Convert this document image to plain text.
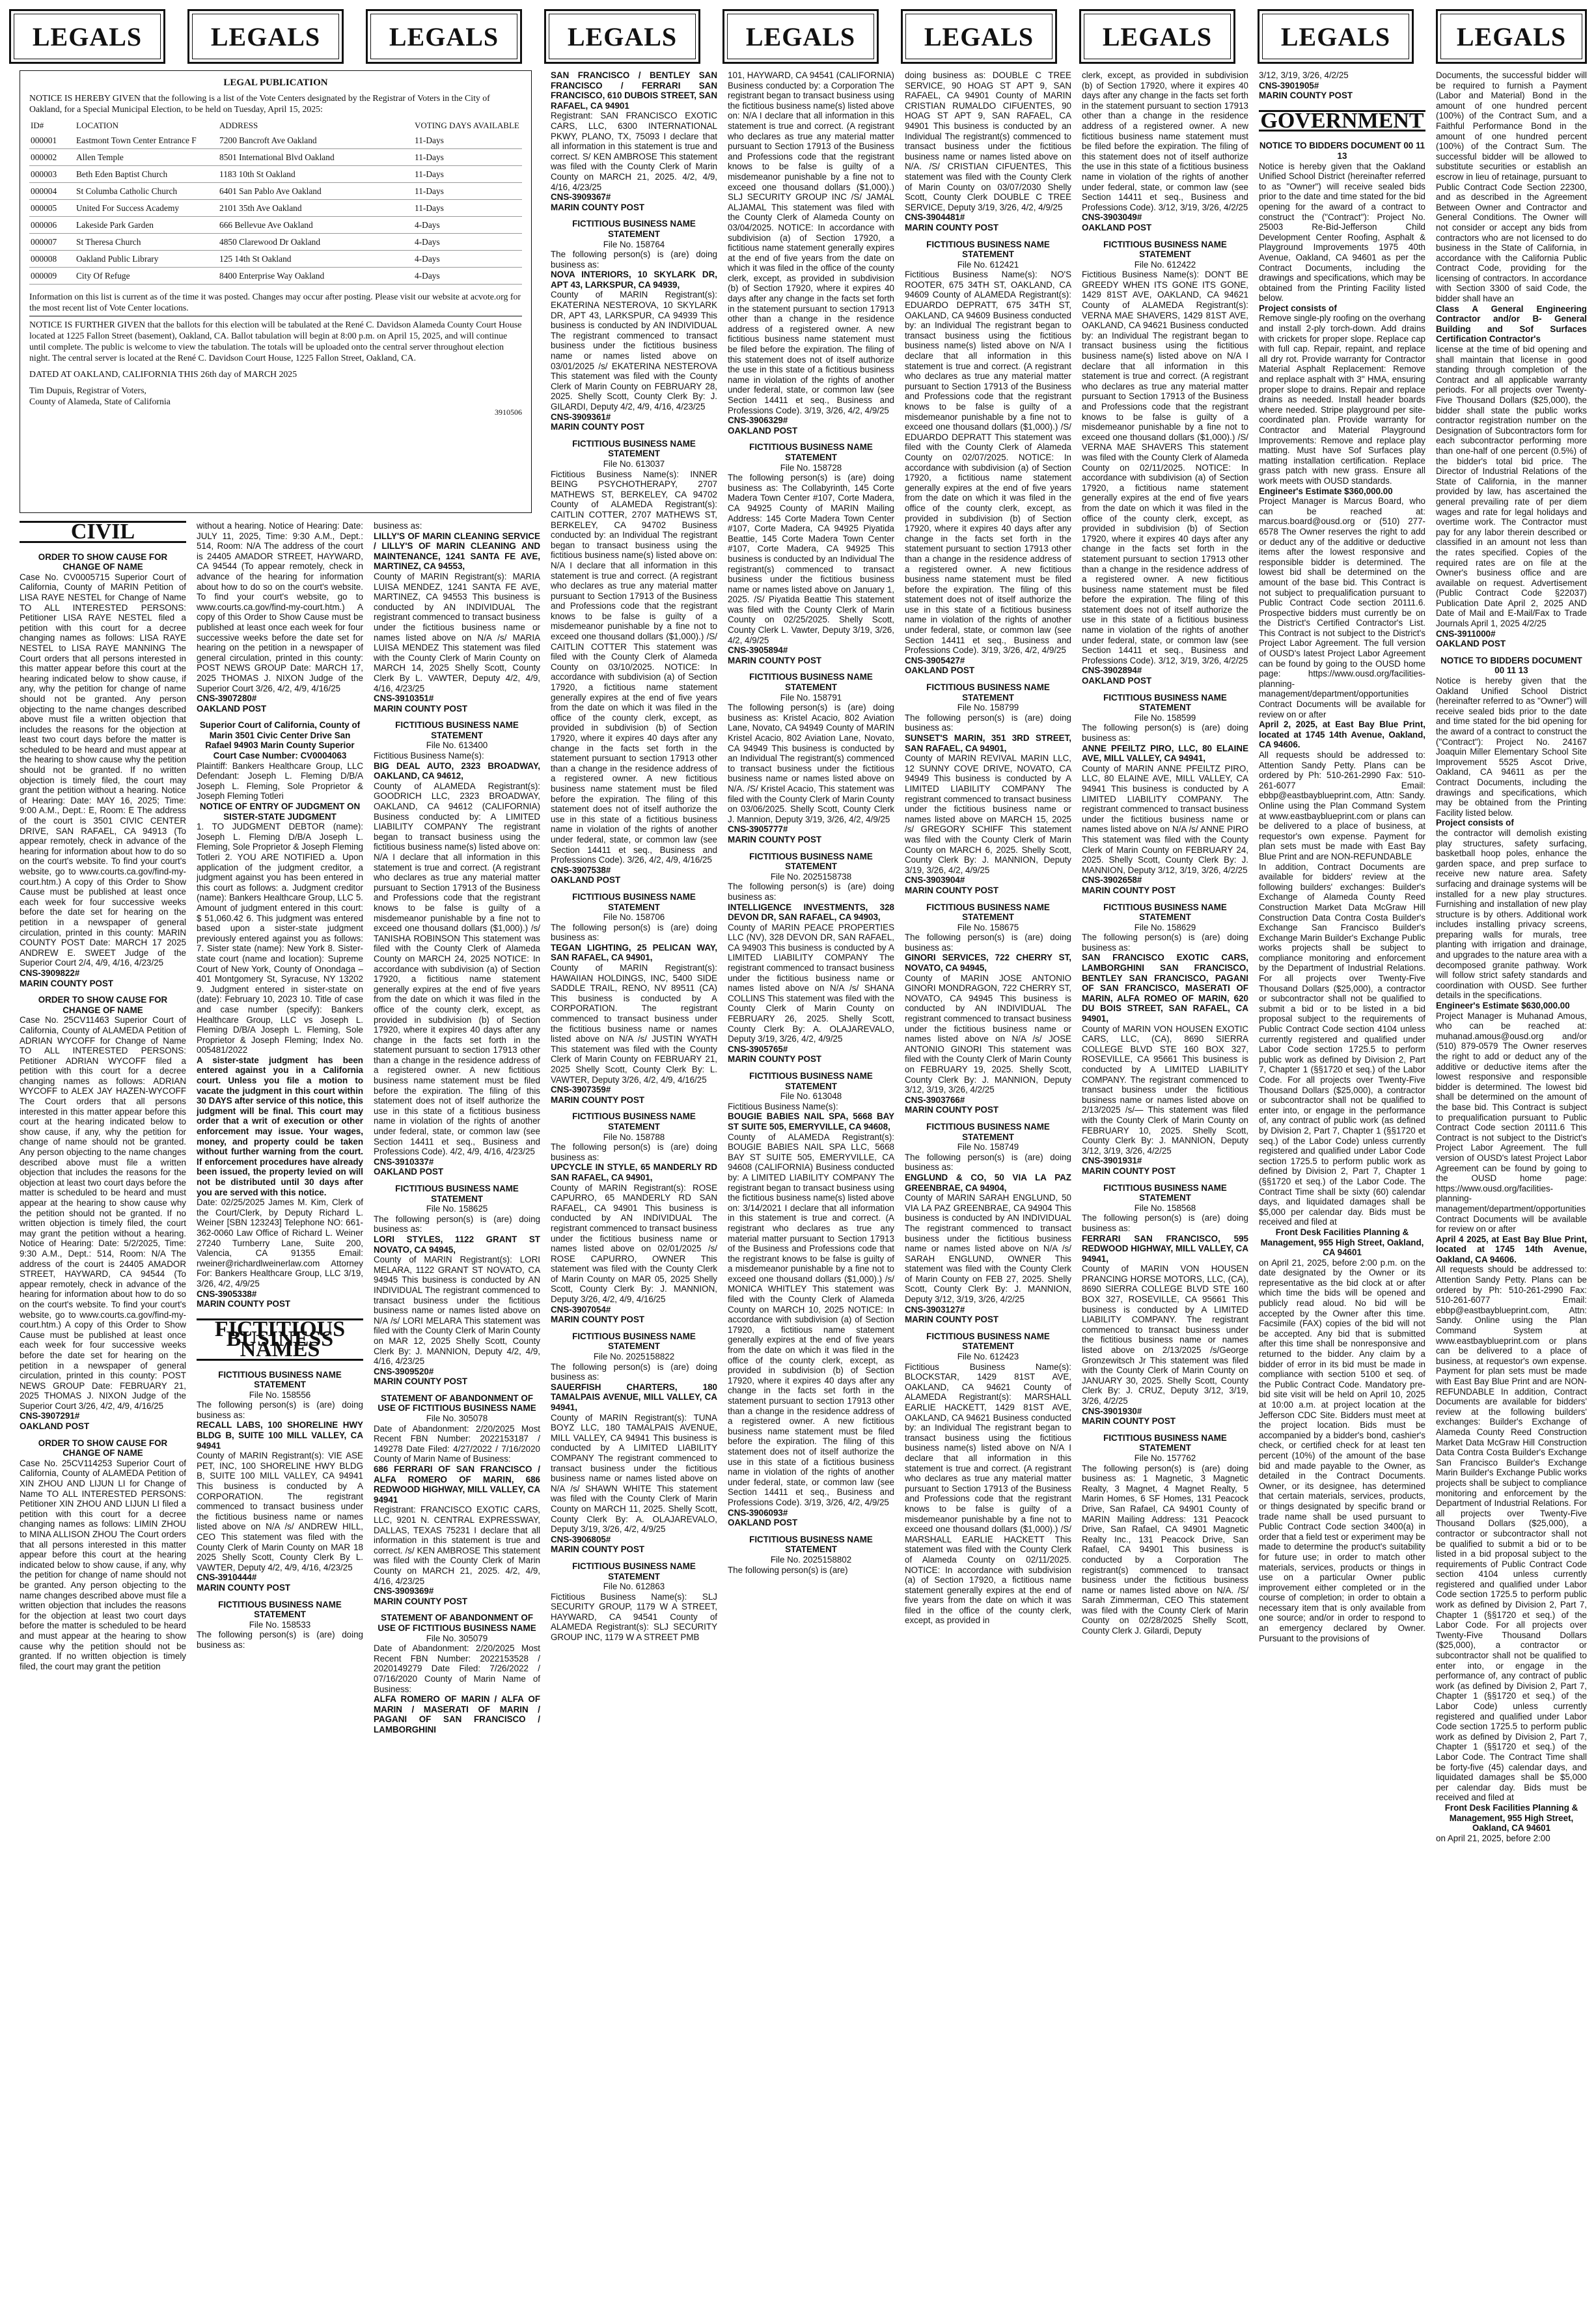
LEGALS	LEGALS	LEGALS	LEGALS	LEGALS	LEGALS	LEGALS	LEGALS	LEGALS
LEGAL PUBLICATION

NOTICE IS HEREBY GIVEN that the following is a list of the Vote Centers designated by the Registrar of Voters in the City of Oakland, for a Special Municipal Election, to be held on Tuesday, April 15, 2025:

ID#	LOCATION	ADDRESS	VOTING DAYS AVAILABLE
000001	Eastmont Town Center Entrance F	7200 Bancroft Ave Oakland	11-Days
000002	Allen Temple	8501 International Blvd Oakland	11-Days
000003	Beth Eden Baptist Church	1183 10th St Oakland	11-Days
000004	St Columba Catholic Church	6401 San Pablo Ave Oakland	11-Days
000005	United For Success Academy	2101 35th Ave Oakland	11-Days
000006	Lakeside Park Garden	666 Bellevue Ave Oakland	4-Days
000007	St Theresa Church	4850 Clarewood Dr Oakland	4-Days
000008	Oakland Public Library	125 14th St Oakland	4-Days
000009	City Of Refuge	8400 Enterprise Way Oakland	4-Days

Information on this list is current as of the time it was posted. Changes may occur after posting. Please visit our website at acvote.org for the most recent list of Vote Center locations.

NOTICE IS FURTHER GIVEN that the ballots for this election will be tabulated at the René C. Davidson Alameda County Court House located at 1225 Fallon Street (basement), Oakland, CA. Ballot tabulation will begin at 8:00 p.m. on April 15, 2025, and will continue until complete. The public is welcome to view the tabulation. The totals will be uploaded onto the central server throughout election night. The central server is located at the René C. Davidson Court House, 1225 Fallon Street, Oakland, CA.

DATED AT OAKLAND, CALIFORNIA THIS 26th day of MARCH 2025

Tim Dupuis, Registrar of Voters,

County of Alameda, State of California

3910506

CIVIL

ORDER TO SHOW CAUSE FOR CHANGE OF NAME

Case No. CV0005715 Superior Court of California, County of MARIN Petition of LISA RAYE NESTEL for Change of Name TO ALL INTERESTED PERSONS: Petitioner LISA RAYE NESTEL filed a petition with this court for a decree changing names as follows: LISA RAYE NESTEL to LISA RAYE MANNING The Court orders that all persons interested in this matter appear before this court at the hearing indicated below to show cause, if any, why the petition for change of name should not be granted. Any person objecting to the name changes described above must file a written objection that includes the reasons for the objection at least two court days before the matter is scheduled to be heard and must appear at the hearing to show cause why the petition should not be granted. If no written objection is timely filed, the court may grant the petition without a hearing. Notice of Hearing: Date: MAY 16, 2025; Time: 9:00 A.M., Dept.: E, Room: E The address of the court is 3501 CIVIC CENTER DRIVE, SAN RAFAEL, CA 94913 (To appear remotely, check in advance of the hearing for information about how to do so on the court's website. To find your court's website, go to www.courts.ca.gov/find-my-court.htm.) A copy of this Order to Show Cause must be published at least once each week for four successive weeks before the date set for hearing on the petition in a newspaper of general circulation, printed in this county: MARIN COUNTY POST Date: MARCH 17 2025 ANDREW E. SWEET Judge of the Superior Court 2/4, 4/9, 4/16, 4/23/25

CNS-3909822#

MARIN COUNTY POST

ORDER TO SHOW CAUSE FOR CHANGE OF NAME

Case No. 25CV11463 Superior Court of California, County of ALAMEDA Petition of ADRIAN WYCOFF for Change of Name TO ALL INTERESTED PERSONS: Petitioner ADRIAN WYCOFF filed a petition with this court for a decree changing names as follows: ADRIAN WYCOFF to ALEX JAY HAZEN-WYCOFF The Court orders that all persons interested in this matter appear before this court at the hearing indicated below to show cause, if any, why the petition for change of name should not be granted. Any person objecting to the name changes described above must file a written objection that includes the reasons for the objection at least two court days before the matter is scheduled to be heard and must appear at the hearing to show cause why the petition should not be granted. If no written objection is timely filed, the court may grant the petition without a hearing. Notice of Hearing: Date: 5/2/2025, Time: 9:30 A.M., Dept.: 514, Room: N/A The address of the court is 24405 AMADOR STREET, HAYWARD, CA 94544 (To appear remotely, check in advance of the hearing for information about how to do so on the court's website. To find your court's website, go to www.courts.ca.gov/find-my-court.htm.) A copy of this Order to Show Cause must be published at least once each week for four successive weeks before the date set for hearing on the petition in a newspaper of general circulation, printed in this county: POST NEWS GROUP Date: FEBRUARY 21, 2025 THOMAS J. NIXON Judge of the Superior Court 3/26, 4/2, 4/9, 4/16/25

CNS-3907291#

OAKLAND POST

ORDER TO SHOW CAUSE FOR CHANGE OF NAME

Case No. 25CV114253 Superior Court of California, County of ALAMEDA Petition of XIN ZHOU AND LIJUN LI for Change of Name TO ALL INTERESTED PERSONS: Petitioner XIN ZHOU AND LIJUN LI filed a petition with this court for a decree changing names as follows: LIMIN ZHOU to MINA ALLISON ZHOU The Court orders that all persons interested in this matter appear before this court at the hearing indicated below to show cause, if any, why the petition for change of name should not be granted. Any person objecting to the name changes described above must file a written objection that includes the reasons for the objection at least two court days before the matter is scheduled to be heard and must appear at the hearing to show cause why the petition should not be granted. If no written objection is timely filed, the court may grant the petition

without a hearing. Notice of Hearing: Date: JULY 11, 2025, Time: 9:30 A.M., Dept.: 514, Room: N/A The address of the court is 24405 AMADOR STREET, HAYWARD, CA 94544 (To appear remotely, check in advance of the hearing for information about how to do so on the court's website. To find your court's website, go to www.courts.ca.gov/find-my-court.htm.) A copy of this Order to Show Cause must be published at least once each week for four successive weeks before the date set for hearing on the petition in a newspaper of general circulation, printed in this county: POST NEWS GROUP Date: MARCH 17, 2025 THOMAS J. NIXON Judge of the Superior Court 3/26, 4/2, 4/9, 4/16/25

CNS-3907280#

OAKLAND POST

Superior Court of California, County of Marin 3501 Civic Center Drive San Rafael 94903 Marin County Superior Court Case Number: CV0004063

Plaintiff: Bankers Healthcare Group, LLC Defendant: Joseph L. Fleming D/B/A Joseph L. Fleming, Sole Proprietor & Joseph Fleming Totleri

NOTICE OF ENTRY OF JUDGMENT ON SISTER-STATE JUDGMENT

1. TO JUDGMENT DEBTOR (name): Joseph L. Fleming D/B/A Joseph L. Fleming, Sole Proprietor & Joseph Fleming Totleri 2. YOU ARE NOTIFIED a. Upon application of the judgment creditor, a judgment against you has been entered in this court as follows: a. Judgment creditor (name): Bankers Healthcare Group, LLC 5. Amount of judgment entered in this court: $ 51,060.42 6. This judgment was entered based upon a sister-state judgment previously entered against you as follows: 7. Sister state (name): New York 8. Sister-state court (name and location): Supreme Court of New York, County of Onondaga – 401 Montgomery St, Syracuse, NY 13202 9. Judgment entered in sister-state on (date): February 10, 2023 10. Title of case and case number (specify): Bankers Healthcare Group, LLC vs Joseph L. Fleming D/B/A Joseph L. Fleming, Sole Proprietor & Joseph Fleming; Index No. 005481/2022

A sister-state judgment has been entered against you in a California court. Unless you file a motion to vacate the judgment in this court within 30 DAYS after service of this notice, this judgment will be final. This court may order that a writ of execution or other enforcement may issue. Your wages, money, and property could be taken without further warning from the court. If enforcement procedures have already been issued, the property levied on will not be distributed until 30 days after you are served with this notice.

Date: 02/25/2025 James M. Kim, Clerk of the Court/Clerk, by Deputy Richard L. Weiner [SBN 123243] Telephone NO: 661-362-0060 Law Office of Richard L. Weiner 27240 Turnberry Lane, Suite 200, Valencia, CA 91355 Email: rweiner@richardlweinerlaw.com Attorney For: Bankers Healthcare Group, LLC 3/19, 3/26, 4/2, 4/9/25

CNS-3905338#

MARIN COUNTY POST

FICTITIOUS BUSINESS NAMES

FICTITIOUS BUSINESS NAME STATEMENT

File No. 158556

The following person(s) is (are) doing business as:

RECALL LABS, 100 SHORELINE HWY BLDG B, SUITE 100 MILL VALLEY, CA 94941

County of MARIN Registrant(s): VIE ASE PET, INC, 100 SHORELINE HWY BLDG B, SUITE 100 MILL VALLEY, CA 94941 This business is conducted by A CORPORATION. The registrant commenced to transact business under the fictitious business name or names listed above on N/A /s/ ANDREW HILL, CEO This statement was filed with the County Clerk of Marin County on MAR 18 2025 Shelly Scott, County Clerk By L. VAWTER, Deputy 4/2, 4/9, 4/16, 4/23/25

CNS-3910444#

MARIN COUNTY POST

FICTITIOUS BUSINESS NAME STATEMENT

File No. 158533

The following person(s) is (are) doing business as:

business as:

LILLY'S OF MARIN CLEANING SERVICE / LILLY'S OF MARIN CLEANING AND MAINTENANCE, 1241 SANTA FE AVE, MARTINEZ, CA 94553,

County of MARIN Registrant(s): MARIA LUISA MENDEZ, 1241 SANTA FE AVE, MARTINEZ, CA 94553 This business is conducted by AN INDIVIDUAL The registrant commenced to transact business under the fictitious business name or names listed above on N/A /s/ MARIA LUISA MENDEZ This statement was filed with the County Clerk of Marin County on MARCH 14, 2025 Shelly Scott, County Clerk By L. VAWTER, Deputy 4/2, 4/9, 4/16, 4/23/25

CNS-3910351#

MARIN COUNTY POST

FICTITIOUS BUSINESS NAME STATEMENT

File No. 613400

Fictitious Business Name(s):

BIG DEAL AUTO, 2323 BROADWAY, OAKLAND, CA 94612,

County of ALAMEDA Registrant(s): GOODRICH LLC, 2323 BROADWAY, OAKLAND, CA 94612 (CALIFORNIA) Business conducted by: A LIMITED LIABILITY COMPANY The registrant began to transact business using the fictitious business name(s) listed above on: N/A I declare that all information in this statement is true and correct. (A registrant who declares as true any material matter pursuant to Section 17913 of the Business and Professions code that the registrant knows to be false is guilty of a misdemeanor punishable by a fine not to exceed one thousand dollars ($1,000).) /s/ TANISHA ROBINSON This statement was filed with the County Clerk of Alameda County on MARCH 24, 2025 NOTICE: In accordance with subdivision (a) of Section 17920, a fictitious name statement generally expires at the end of five years from the date on which it was filed in the office of the county clerk, except, as provided in subdivision (b) of Section 17920, where it expires 40 days after any change in the facts set forth in the statement pursuant to section 17913 other than a change in the residence address of a registered owner. A new fictitious business name statement must be filed before the expiration. The filing of this statement does not of itself authorize the use in this state of a fictitious business name in violation of the rights of another under federal, state, or common law (see Section 14411 et seq., Business and Professions Code). 4/2, 4/9, 4/16, 4/23/25

CNS-3910337#

OAKLAND POST

FICTITIOUS BUSINESS NAME STATEMENT

File No. 158625

The following person(s) is (are) doing business as:

LORI STYLES, 1122 GRANT ST NOVATO, CA 94945,

County of MARIN Registrant(s): LORI MELARA, 1122 GRANT ST NOVATO, CA 94945 This business is conducted by AN INDIVIDUAL The registrant commenced to transact business under the fictitious business name or names listed above on N/A /s/ LORI MELARA This statement was filed with the County Clerk of Marin County on MAR 12, 2025 Shelly Scott, County Clerk By: J. MANNION, Deputy 4/2, 4/9, 4/16, 4/23/25

CNS-3909520#

MARIN COUNTY POST

STATEMENT OF ABANDONMENT OF USE OF FICTITIOUS BUSINESS NAME

File No. 305078

Date of Abandonment: 2/20/2025 Most Recent FBN Number: 2022153187 / 149278 Date Filed: 4/27/2022 / 7/16/2020 County of Marin Name of Business:

686 FERRARI OF SAN FRANCISCO / ALFA ROMERO OF MARIN, 686 REDWOOD HIGHWAY, MILL VALLEY, CA 94941

Registrant: FRANCISCO EXOTIC CARS, LLC, 9201 N. CENTRAL EXPRESSWAY, DALLAS, TEXAS 75231 I declare that all information in this statement is true and correct. /s/ KEN AMBROSE This statement was filed with the County Clerk of Marin County on MARCH 21, 2025. 4/2, 4/9, 4/16, 4/23/25

CNS-3909369#

MARIN COUNTY POST

STATEMENT OF ABANDONMENT OF USE OF FICTITIOUS BUSINESS NAME

File No. 305079

Date of Abandonment: 2/20/2025 Most Recent FBN Number: 2022153528 / 2020149279 Date Filed: 7/26/2022 / 07/16/2020 County of Marin Name of Business:

ALFA ROMERO OF MARIN / ALFA OF MARIN / MASERATI OF MARIN / PAGANI OF SAN FRANCISCO / LAMBORGHINI

SAN FRANCISCO / BENTLEY SAN FRANCISCO / FERRARI SAN FRANCISCO, 610 DUBOIS STREET, SAN RAFAEL, CA 94901

Registrant: SAN FRANCISCO EXOTIC CARS, LLC, 6300 INTERNATIONAL PKWY, PLANO, TX, 75093 I declare that all information in this statement is true and correct. S/ KEN AMBROSE This statement was filed with the County Clerk of Marin County on MARCH 21, 2025. 4/2, 4/9, 4/16, 4/23/25

CNS-3909367#

MARIN COUNTY POST

FICTITIOUS BUSINESS NAME STATEMENT

File No. 158764

The following person(s) is (are) doing business as:

NOVA INTERIORS, 10 SKYLARK DR, APT 43, LARKSPUR, CA 94939,

County of MARIN Registrant(s): EKATERINA NESTEROVA, 10 SKYLARK DR, APT 43, LARKSPUR, CA 94939 This business is conducted by AN INDIVIDUAL The registrant commenced to transact business under the fictitious business name or names listed above on 03/01/2025 /s/ EKATERINA NESTEROVA This statement was filed with the County Clerk of Marin County on FEBRUARY 28, 2025. Shelly Scott, County Clerk By: J. GILARDI, Deputy 4/2, 4/9, 4/16, 4/23/25

CNS-3909361#

MARIN COUNTY POST

FICTITIOUS BUSINESS NAME STATEMENT

File No. 613037

Fictitious Business Name(s): INNER BEING PSYCHOTHERAPY, 2707 MATHEWS ST, BERKELEY, CA 94702 County of ALAMEDA Registrant(s): CAITLIN COTTER, 2707 MATHEWS ST, BERKELEY, CA 94702 Business conducted by: an Individual The registrant began to transact business using the fictitious business name(s) listed above on: N/A I declare that all information in this statement is true and correct. (A registrant who declares as true any material matter pursuant to Section 17913 of the Business and Professions code that the registrant knows to be false is guilty of a misdemeanor punishable by a fine not to exceed one thousand dollars ($1,000).) /S/ CAITLIN COTTER This statement was filed with the County Clerk of Alameda County on 03/10/2025. NOTICE: In accordance with subdivision (a) of Section 17920, a fictitious name statement generally expires at the end of five years from the date on which it was filed in the office of the county clerk, except, as provided in subdivision (b) of Section 17920, where it expires 40 days after any change in the facts set forth in the statement pursuant to section 17913 other than a change in the residence address of a registered owner. A new fictitious business name statement must be filed before the expiration. The filing of this statement does not of itself authorize the use in this state of a fictitious business name in violation of the rights of another under federal, state, or common law (see Section 14411 et seq., Business and Professions Code). 3/26, 4/2, 4/9, 4/16/25

CNS-3907538#

OAKLAND POST

FICTITIOUS BUSINESS NAME STATEMENT

File No. 158706

The following person(s) is (are) doing business as:

TEGAN LIGHTING, 25 PELICAN WAY, SAN RAFAEL, CA 94901,

County of MARIN Registrant(s): HAWAIIAN HOLDINGS, INC, 5400 SIDE SADDLE TRAIL, RENO, NV 89511 (CA) This business is conducted by A CORPORATION. The registrant commenced to transact business under the fictitious business name or names listed above on N/A /s/ JUSTIN WYATH This statement was filed with the County Clerk of Marin County on FEBRUARY 21, 2025 Shelly Scott, County Clerk By: L. VAWTER, Deputy 3/26, 4/2, 4/9, 4/16/25

CNS-3907359#

MARIN COUNTY POST

FICTITIOUS BUSINESS NAME STATEMENT

File No. 158788

The following person(s) is (are) doing business as:

UPCYCLE IN STYLE, 65 MANDERLY RD SAN RAFAEL, CA 94901,

County of MARIN Registrant(s): ROSE CAPURRO, 65 MANDERLY RD SAN RAFAEL, CA 94901 This business is conducted by AN INDIVIDUAL The registrant commenced to transact business under the fictitious business name or names listed above on 02/01/2025 /s/ ROSE CAPURRO, OWNER This statement was filed with the County Clerk of Marin County on MAR 05, 2025 Shelly Scott, County Clerk By: J. MANNION, Deputy 3/26, 4/2, 4/9, 4/16/25

CNS-3907054#

MARIN COUNTY POST

FICTITIOUS BUSINESS NAME STATEMENT

File No. 2025158822

The following person(s) is (are) doing business as:

SAUERFISH CHARTERS, 180 TAMALPAIS AVENUE, MILL VALLEY, CA 94941,

County of MARIN Registrant(s): TUNA BOYZ LLC, 180 TAMALPAIS AVENUE, MILL VALLEY, CA 94941 This business is conducted by A LIMITED LIABILITY COMPANY The registrant commenced to transact business under the fictitious business name or names listed above on N/A /s/ SHAWN WHITE This statement was filed with the County Clerk of Marin County on MARCH 11, 2025. Shelly Scott, County Clerk By: A. OLAJAREVALO, Deputy 3/19, 3/26, 4/2, 4/9/25

CNS-3906805#

MARIN COUNTY POST

FICTITIOUS BUSINESS NAME STATEMENT

File No. 612863

Fictitious Business Name(s): SLJ SECURITY GROUP, 1179 W A STREET, HAYWARD, CA 94541 County of ALAMEDA Registrant(s): SLJ SECURITY GROUP INC, 1179 W A STREET PMB

101, HAYWARD, CA 94541 (CALIFORNIA) Business conducted by: a Corporation The registrant began to transact business using the fictitious business name(s) listed above on: N/A I declare that all information in this statement is true and correct. (A registrant who declares as true any material matter pursuant to Section 17913 of the Business and Professions code that the registrant knows to be false is guilty of a misdemeanor punishable by a fine not to exceed one thousand dollars ($1,000).) SLJ SECURITY GROUP INC /S/ JAMAL ALJAMAL This statement was filed with the County Clerk of Alameda County on 03/04/2025. NOTICE: In accordance with subdivision (a) of Section 17920, a fictitious name statement generally expires at the end of five years from the date on which it was filed in the office of the county clerk, except, as provided in subdivision (b) of Section 17920, where it expires 40 days after any change in the facts set forth in the statement pursuant to section 17913 other than a change in the residence address of a registered owner. A new fictitious business name statement must be filed before the expiration. The filing of this statement does not of itself authorize the use in this state of a fictitious business name in violation of the rights of another under federal, state, or common law (see Section 14411 et seq., Business and Professions Code). 3/19, 3/26, 4/2, 4/9/25

CNS-3906329#

OAKLAND POST

FICTITIOUS BUSINESS NAME STATEMENT

File No. 158728

The following person(s) is (are) doing business as: The Collabyrinth, 145 Corte Madera Town Center #107, Corte Madera, CA 94925 County of MARIN Mailing Address: 145 Corte Madera Town Center #107, Corte Madera, CA 94925 Piyatida Beattie, 145 Corte Madera Town Center #107, Corte Madera, CA 94925 This business is conducted by an Individual The registrant(s) commenced to transact business under the fictitious business name or names listed above on January 1, 2025. /S/ Piyatida Beattie This statement was filed with the County Clerk of Marin County on 02/25/2025. Shelly Scott, County Clerk L. Vawter, Deputy 3/19, 3/26, 4/2, 4/9/25

CNS-3905894#

MARIN COUNTY POST

FICTITIOUS BUSINESS NAME STATEMENT

File No. 158791

The following person(s) is (are) doing business as: Kristel Acacio, 802 Aviation Lane, Novato, CA 94949 County of MARIN Kristel Acacio, 802 Aviation Lane, Novato, CA 94949 This business is conducted by an Individual The registrant(s) commenced to transact business under the fictitious business name or names listed above on N/A. /S/ Kristel Acacio, This statement was filed with the County Clerk of Marin County on 03/06/2025. Shelly Scott, County Clerk J. Mannion, Deputy 3/19, 3/26, 4/2, 4/9/25

CNS-3905777#

MARIN COUNTY POST

FICTITIOUS BUSINESS NAME STATEMENT

File No. 2025158738

The following person(s) is (are) doing business as:

INTELLIGENCE INVESTMENTS, 328 DEVON DR, SAN RAFAEL, CA 94903,

County of MARIN PEACE PROPERTIES LLC (NV), 328 DEVON DR, SAN RAFAEL, CA 94903 This business is conducted by A LIMITED LIABILITY COMPANY The registrant commenced to transact business under the fictitious business name or names listed above on N/A /s/ SHANA COLLINS This statement was filed with the County Clerk of Marin County on FEBRUARY 26, 2025. Shelly Scott, County Clerk By: A. OLAJAREVALO, Deputy 3/19, 3/26, 4/2, 4/9/25

CNS-3905765#

MARIN COUNTY POST

FICTITIOUS BUSINESS NAME STATEMENT

File No. 613048

Fictitious Business Name(s):

BOUGIE BABIES NAIL SPA, 5668 BAY ST SUITE 505, EMERYVILLE, CA 94608,

County of ALAMEDA Registrant(s): BOUGIE BABIES NAIL SPA LLC, 5668 BAY ST SUITE 505, EMERYVILLE, CA 94608 (CALIFORNIA) Business conducted by: A LIMITED LIABILITY COMPANY The registrant began to transact business using the fictitious business name(s) listed above on: 3/14/2021 I declare that all information in this statement is true and correct. (A registrant who declares as true any material matter pursuant to Section 17913 of the Business and Professions code that the registrant knows to be false is guilty of a misdemeanor punishable by a fine not to exceed one thousand dollars ($1,000).) /s/ MONICA WHITLEY This statement was filed with the County Clerk of Alameda County on MARCH 10, 2025 NOTICE: In accordance with subdivision (a) of Section 17920, a fictitious name statement generally expires at the end of five years from the date on which it was filed in the office of the county clerk, except, as provided in subdivision (b) of Section 17920, where it expires 40 days after any change in the facts set forth in the statement pursuant to section 17913 other than a change in the residence address of a registered owner. A new fictitious business name statement must be filed before the expiration. The filing of this statement does not of itself authorize the use in this state of a fictitious business name in violation of the rights of another under federal, state, or common law (see Section 14411 et seq., Business and Professions Code). 3/19, 3/26, 4/2, 4/9/25

CNS-3906093#

OAKLAND POST

FICTITIOUS BUSINESS NAME STATEMENT

File No. 2025158802

The following person(s) is (are)

doing business as: DOUBLE C TREE SERVICE, 90 HOAG ST APT 9, SAN RAFAEL, CA 94901 County of MARIN CRISTIAN RUMALDO CIFUENTES, 90 HOAG ST APT 9, SAN RAFAEL, CA 94901 This business is conducted by an Individual The registrant(s) commenced to transact business under the fictitious business name or names listed above on N/A. /S/ CRISTIAN CIFUENTES, This statement was filed with the County Clerk of Marin County on 03/07/2030 Shelly Scott, County Clerk DOUBLE C TREE SERVICE, Deputy 3/19, 3/26, 4/2, 4/9/25

CNS-3904481#

MARIN COUNTY POST

FICTITIOUS BUSINESS NAME STATEMENT

File No. 612421

Fictitious Business Name(s): NO'S ROOTER, 675 34TH ST, OAKLAND, CA 94609 County of ALAMEDA Registrant(s): EDUARDO DEPRATT, 675 34TH ST, OAKLAND, CA 94609 Business conducted by: an Individual The registrant began to transact business using the fictitious business name(s) listed above on N/A I declare that all information in this statement is true and correct. (A registrant who declares as true any material matter pursuant to Section 17913 of the Business and Professions code that the registrant knows to be false is guilty of a misdemeanor punishable by a fine not to exceed one thousand dollars ($1,000).) /S/ EDUARDO DEPRATT This statement was filed with the County Clerk of Alameda County on 02/07/2025. NOTICE: In accordance with subdivision (a) of Section 17920, a fictitious name statement generally expires at the end of five years from the date on which it was filed in the office of the county clerk, except, as provided in subdivision (b) of Section 17920, where it expires 40 days after any change in the facts set forth in the statement pursuant to section 17913 other than a change in the residence address of a registered owner. A new fictitious business name statement must be filed before the expiration. The filing of this statement does not of itself authorize the use in this state of a fictitious business name in violation of the rights of another under federal, state, or common law (see Section 14411 et seq., Business and Professions Code). 3/19, 3/26, 4/2, 4/9/25

CNS-3905427#

OAKLAND POST

FICTITIOUS BUSINESS NAME STATEMENT

File No. 158799

The following person(s) is (are) doing business as:

SUNSET'S MARIN, 351 3RD STREET, SAN RAFAEL, CA 94901,

County of MARIN REVIVAL MARIN LLC, 12 SUNNY COVE DRIVE, NOVATO, CA 94949 This business is conducted by A LIMITED LIABILITY COMPANY The registrant commenced to transact business under the fictitious business name or names listed above on MARCH 15, 2025 /s/ GREGORY SCHIFF This statement was filed with the County Clerk of Marin County on MARCH 6, 2025. Shelly Scott, County Clerk By: J. MANNION, Deputy 3/19, 3/26, 4/2, 4/9/25

CNS-3903904#

MARIN COUNTY POST

FICTITIOUS BUSINESS NAME STATEMENT

File No. 158675

The following person(s) is (are) doing business as:

GINORI SERVICES, 722 CHERRY ST, NOVATO, CA 94945,

County of MARIN JOSE ANTONIO GINORI MONDRAGON, 722 CHERRY ST, NOVATO, CA 94945 This business is conducted by AN INDIVIDUAL The registrant commenced to transact business under the fictitious business name or names listed above on N/A /s/ JOSE ANTONIO GINORI This statement was filed with the County Clerk of Marin County on FEBRUARY 19, 2025. Shelly Scott, County Clerk By: J. MANNION, Deputy 3/12, 3/19, 3/26, 4/2/25

CNS-3903766#

MARIN COUNTY POST

FICTITIOUS BUSINESS NAME STATEMENT

File No. 158749

The following person(s) is (are) doing business as:

ENGLUND & CO, 50 VIA LA PAZ GREENBRAE, CA 94904,

County of MARIN SARAH ENGLUND, 50 VIA LA PAZ GREENBRAE, CA 94904 This business is conducted by AN INDIVIDUAL The registrant commenced to transact business under the fictitious business name or names listed above on N/A /s/ SARAH ENGLUND, OWNER This statement was filed with the County Clerk of Marin County on FEB 27, 2025. Shelly Scott, County Clerk By: J. MANNION, Deputy 3/12, 3/19, 3/26, 4/2/25

CNS-3903127#

MARIN COUNTY POST

FICTITIOUS BUSINESS NAME STATEMENT

File No. 612423

Fictitious Business Name(s): BLOCKSTAR, 1429 81ST AVE, OAKLAND, CA 94621 County of ALAMEDA Registrant(s): MARSHALL EARLIE HACKETT, 1429 81ST AVE, OAKLAND, CA 94621 Business conducted by: an Individual The registrant began to transact business using the fictitious business name(s) listed above on N/A I declare that all information in this statement is true and correct. (A registrant who declares as true any material matter pursuant to Section 17913 of the Business and Professions code that the registrant knows to be false is guilty of a misdemeanor punishable by a fine not to exceed one thousand dollars ($1,000).) /S/ MARSHALL EARLIE HACKETT This statement was filed with the County Clerk of Alameda County on 02/11/2025. NOTICE: In accordance with subdivision (a) of Section 17920, a fictitious name statement generally expires at the end of five years from the date on which it was filed in the office of the county clerk, except, as provided in

clerk, except, as provided in subdivision (b) of Section 17920, where it expires 40 days after any change in the facts set forth in the statement pursuant to section 17913 other than a change in the residence address of a registered owner. A new fictitious business name statement must be filed before the expiration. The filing of this statement does not of itself authorize the use in this state of a fictitious business name in violation of the rights of another under federal, state, or common law (see Section 14411 et seq., Business and Professions Code). 3/12, 3/19, 3/26, 4/2/25

CNS-3903049#

OAKLAND POST

FICTITIOUS BUSINESS NAME STATEMENT

File No. 612422

Fictitious Business Name(s): DON'T BE GREEDY WHEN ITS GONE ITS GONE, 1429 81ST AVE, OAKLAND, CA 94621 County of ALAMEDA Registrant(s): VERNA MAE SHAVERS, 1429 81ST AVE, OAKLAND, CA 94621 Business conducted by: an Individual The registrant began to transact business using the fictitious business name(s) listed above on N/A I declare that all information in this statement is true and correct. (A registrant who declares as true any material matter pursuant to Section 17913 of the Business and Professions code that the registrant knows to be false is guilty of a misdemeanor punishable by a fine not to exceed one thousand dollars ($1,000).) /S/ VERNA MAE SHAVERS This statement was filed with the County Clerk of Alameda County on 02/11/2025. NOTICE: In accordance with subdivision (a) of Section 17920, a fictitious name statement generally expires at the end of five years from the date on which it was filed in the office of the county clerk, except, as provided in subdivision (b) of Section 17920, where it expires 40 days after any change in the facts set forth in the statement pursuant to section 17913 other than a change in the residence address of a registered owner. A new fictitious business name statement must be filed before the expiration. The filing of this statement does not of itself authorize the use in this state of a fictitious business name in violation of the rights of another under federal, state, or common law (see Section 14411 et seq., Business and Professions Code). 3/12, 3/19, 3/26, 4/2/25

CNS-3902894#

OAKLAND POST

FICTITIOUS BUSINESS NAME STATEMENT

File No. 158599

The following person(s) is (are) doing business as:

ANNE PFEILTZ PIRO, LLC, 80 ELAINE AVE, MILL VALLEY, CA 94941,

County of MARIN ANNE PFEILTZ PIRO, LLC, 80 ELAINE AVE, MILL VALLEY, CA 94941 This business is conducted by A LIMITED LIABILITY COMPANY. The registrant commenced to transact business under the fictitious business name or names listed above on N/A /s/ ANNE PIRO This statement was filed with the County Clerk of Marin County on FEBRUARY 24, 2025. Shelly Scott, County Clerk By: J. MANNION, Deputy 3/12, 3/19, 3/26, 4/2/25

CNS-3902658#

MARIN COUNTY POST

FICTITIOUS BUSINESS NAME STATEMENT

File No. 158629

The following person(s) is (are) doing business as:

SAN FRANCISCO EXOTIC CARS, LAMBORGHINI SAN FRANCISCO, BENTLEY SAN FRANCISCO, PAGANI OF SAN FRANCISCO, MASERATI OF MARIN, ALFA ROMEO OF MARIN, 620 DU BOIS STREET, SAN RAFAEL, CA 94901,

County of MARIN VON HOUSEN EXOTIC CARS, LLC, (CA), 8690 SIERRA COLLEGE BLVD STE 160 BOX 327, ROSEVILLE, CA 95661 This business is conducted by A LIMITED LIABILITY COMPANY. The registrant commenced to transact business under the fictitious business name or names listed above on 2/13/2025 /s/— This statement was filed with the County Clerk of Marin County on FEBRUARY 10, 2025. Shelly Scott, County Clerk By: J. MANNION, Deputy 3/12, 3/19, 3/26, 4/2/25

CNS-3901931#

MARIN COUNTY POST

FICTITIOUS BUSINESS NAME STATEMENT

File No. 158568

The following person(s) is (are) doing business as:

FERRARI SAN FRANCISCO, 595 REDWOOD HIGHWAY, MILL VALLEY, CA 94941,

County of MARIN VON HOUSEN PRANCING HORSE MOTORS, LLC, (CA), 8690 SIERRA COLLEGE BLVD STE 160 BOX 327, ROSEVILLE, CA 95661 This business is conducted by A LIMITED LIABILITY COMPANY. The registrant commenced to transact business under the fictitious business name or names listed above on 2/13/2025 /s/George Gronzewitsch Jr This statement was filed with the County Clerk of Marin County on JANUARY 30, 2025. Shelly Scott, County Clerk By: J. CRUZ, Deputy 3/12, 3/19, 3/26, 4/2/25

CNS-3901930#

MARIN COUNTY POST

FICTITIOUS BUSINESS NAME STATEMENT

File No. 157762

The following person(s) is (are) doing business as: 1 Magnetic, 3 Magnetic Realty, 3 Magnet, 4 Magnet Realty, 5 Marin Homes, 6 SF Homes, 131 Peacock Drive, San Rafael, CA 94901 County of MARIN Mailing Address: 131 Peacock Drive, San Rafael, CA 94901 Magnetic Realty Inc., 131 Peacock Drive, San Rafael, CA 94901 This business is conducted by a Corporation The registrant(s) commenced to transact business under the fictitious business name or names listed above on N/A. /S/ Sarah Zimmerman, CEO This statement was filed with the County Clerk of Marin County on 02/28/2025 Shelly Scott, County Clerk J. Gilardi, Deputy

3/12, 3/19, 3/26, 4/2/25

CNS-3901905#

MARIN COUNTY POST

GOVERNMENT

NOTICE TO BIDDERS DOCUMENT 00 11 13

Notice is hereby given that the Oakland Unified School District (hereinafter referred to as "Owner") will receive sealed bids prior to the date and time stated for the bid opening for the award of a contract to construct the ("Contract"): Project No. 25003 Re-Bid-Jefferson Child Development Center Roofing, Asphalt & Playground Improvements 1975 40th Avenue, Oakland, CA 94601 as per the Contract Documents, including the drawings and specifications, which may be obtained from the Printing Facility listed below.

Project consists of

Remove single-ply roofing on the overhang and install 2-ply torch-down. Add drains with crickets for proper slope. Replace cap with full cap. Repair, repaint, and replace all dry rot. Provide warranty for Contractor Material Asphalt Replacement: Remove and replace asphalt with 3" HMA, ensuring proper slope to drains. Repair and replace drains as needed. Install header boards where needed. Stripe playground per site-coordinated plan. Provide warranty for Contractor and Material Playground Improvements: Remove and replace play matting. Must have Sof Surfaces play matting installation certification. Replace grass patch with new grass. Ensure all work meets with OUSD standards.

Engineer's Estimate $360,000.00

Project Manager is Marcus Board, who can be reached at: marcus.board@ousd.org or (510) 277-6578 The Owner reserves the right to add or deduct any of the additive or deductive items after the lowest responsive and responsible bidder is determined. The lowest bid shall be determined on the amount of the base bid. This Contract is not subject to prequalification pursuant to Public Contract Code section 20111.6. Prospective bidders must currently be on the District's Certified Contractor's List. This Contract is not subject to the District's Project Labor Agreement. The full version of OUSD's latest Project Labor Agreement can be found by going to the OUSD home page: https://www.ousd.org/facilities-planning-management/department/opportunities Contract Documents will be available for review on or after

April 2, 2025, at East Bay Blue Print, located at 1745 14th Avenue, Oakland, CA 94606.

All requests should be addressed to: Attention Sandy Petty. Plans can be ordered by Ph: 510-261-2990 Fax: 510-261-6077 Email: ebbp@eastbayblueprint.com, Attn: Sandy. Online using the Plan Command System at www.eastbayblueprint.com or plans can be delivered to a place of business, at requestor's own expense. Payment for plan sets must be made with East Bay Blue Print and are NON-REFUNDABLE

In addition, Contract Documents are available for bidders' review at the following builders' exchanges: Builder's Exchange of Alameda County Reed Construction Market Data McGraw Hill Construction Data Contra Costa Builder's Exchange San Francisco Builder's Exchange Marin Builder's Exchange Public works projects shall be subject to compliance monitoring and enforcement by the Department of Industrial Relations. For all projects over Twenty-Five Thousand Dollars ($25,000), a contractor or subcontractor shall not be qualified to submit a bid or to be listed in a bid proposal subject to the requirements of Public Contract Code section 4104 unless currently registered and qualified under Labor Code section 1725.5 to perform public work as defined by Division 2, Part 7, Chapter 1 (§§1720 et seq.) of the Labor Code. For all projects over Twenty-Five Thousand Dollars ($25,000), a contractor or subcontractor shall not be qualified to enter into, or engage in the performance of, any contract of public work (as defined by Division 2, Part 7, Chapter 1 (§§1720 et seq.) of the Labor Code) unless currently registered and qualified under Labor Code section 1725.5 to perform public work as defined by Division 2, Part 7, Chapter 1 (§§1720 et seq.) of the Labor Code. The Contract Time shall be sixty (60) calendar days, and liquidated damages shall be $5,000 per calendar day. Bids must be received and filed at

Front Desk Facilities Planning & Management, 955 High Street, Oakland, CA 94601

on April 21, 2025, before 2:00 p.m. on the date designated by the Owner or its representative as the bid clock at or after which time the bids will be opened and publicly read aloud. No bid will be accepted by the Owner after this time. Facsimile (FAX) copies of the bid will not be accepted. Any bid that is submitted after this time shall be nonresponsive and returned to the bidder. Any claim by a bidder of error in its bid must be made in compliance with section 5100 et seq. of the Public Contract Code. Mandatory pre-bid site visit will be held on April 10, 2025 at 10:00 a.m. at project location at the Jefferson CDC Site. Bidders must meet at the project location. Bids must be accompanied by a bidder's bond, cashier's check, or certified check for at least ten percent (10%) of the amount of the base bid and made payable to the Owner, as detailed in the Contract Documents. Owner, or its designee, has determined that certain materials, services, products, or things designated by specific brand or trade name shall be used pursuant to Public Contract Code section 3400(a) in order that a field test or experiment may be made to determine the product's suitability for future use; in order to match other materials, services, products or things in use on a particular Owner public improvement either completed or in the course of completion; in order to obtain a necessary item that is only available from one source; and/or in order to respond to an emergency declared by Owner. Pursuant to the provisions of

Documents, the successful bidder will be required to furnish a Payment (Labor and Material) Bond in the amount of one hundred percent (100%) of the Contract Sum, and a Faithful Performance Bond in the amount of one hundred percent (100%) of the Contract Sum. The successful bidder will be allowed to substitute securities or establish an escrow in lieu of retainage, pursuant to Public Contract Code Section 22300, and as described in the Agreement Between Owner and Contractor and General Conditions. The Owner will not consider or accept any bids from contractors who are not licensed to do business in the State of California, in accordance with the California Public Contract Code, providing for the licensing of contractors. In accordance with Section 3300 of said Code, the bidder shall have an

Class A General Engineering Contractor and/or B- General Building and Sof Surfaces Certification Contractor's

license at the time of bid opening and shall maintain that license in good standing through completion of the Contract and all applicable warranty periods. For all projects over Twenty-Five Thousand Dollars ($25,000), the bidder shall state the public works contractor registration number on the Designation of Subcontractors form for each subcontractor performing more than one-half of one percent (0.5%) of the bidder's total bid price. The Director of Industrial Relations of the State of California, in the manner provided by law, has ascertained the general prevailing rate of per diem wages and rate for legal holidays and overtime work. The Contractor must pay for any labor therein described or classified in an amount not less than the rates specified. Copies of the required rates are on file at the Owner's business office and are available on request. Advertisement (Public Contract Code §22037) Publication Date April 2, 2025 AND Date of Mail and E-Mail/Fax to Trade Journals April 1, 2025 4/2/25

CNS-3911000#

OAKLAND POST

NOTICE TO BIDDERS DOCUMENT 00 11 13

Notice is hereby given that the Oakland Unified School District (hereinafter referred to as "Owner") will receive sealed bids prior to the date and time stated for the bid opening for the award of a contract to construct the ("Contract"): Project No. 24167 Joaquin Miller Elementary School Site Improvement 5525 Ascot Drive, Oakland, CA 94611 as per the Contract Documents, including the drawings and specifications, which may be obtained from the Printing Facility listed below.

Project consists of

the contractor will demolish existing play structures, safety surfacing, basketball hoop poles, enhance the garden space, and prep surface to receive new nature area. Safety surfacing and drainage systems will be installed for a new play structures. Furnishing and installation of new play structure is by others. Additional work includes installing privacy screens, preparing walls for murals, tree planting with irrigation and drainage, and upgrades to the nature area with a decomposed granite pathway. Work will follow strict safety standards and coordination with OUSD. See further details in the specifications.

Engineer's Estimate $630,000.00

Project Manager is Muhanad Amous, who can be reached at: muhanad.amous@ousd.org and/or (510) 879-0579 The Owner reserves the right to add or deduct any of the additive or deductive items after the lowest responsive and responsible bidder is determined. The lowest bid shall be determined on the amount of the base bid. This Contract is subject to prequalification pursuant to Public Contract Code section 20111.6 This Contract is not subject to the District's Project Labor Agreement. The full version of OUSD's latest Project Labor Agreement can be found by going to the OUSD home page: https://www.ousd.org/facilities-planning-management/department/opportunities Contract Documents will be available for review on or after

April 4 2025, at East Bay Blue Print, located at 1745 14th Avenue, Oakland, CA 94606.

All requests should be addressed to: Attention Sandy Petty. Plans can be ordered by Ph: 510-261-2990 Fax: 510-261-6077 Email: ebbp@eastbayblueprint.com, Attn: Sandy. Online using the Plan Command System at www.eastbayblueprint.com or plans can be delivered to a place of business, at requestor's own expense. Payment for plan sets must be made with East Bay Blue Print and are NON-REFUNDABLE In addition, Contract Documents are available for bidders' review at the following builders' exchanges: Builder's Exchange of Alameda County Reed Construction Market Data McGraw Hill Construction Data Contra Costa Builder's Exchange San Francisco Builder's Exchange Marin Builder's Exchange Public works projects shall be subject to compliance monitoring and enforcement by the Department of Industrial Relations. For all projects over Twenty-Five Thousand Dollars ($25,000), a contractor or subcontractor shall not be qualified to submit a bid or to be listed in a bid proposal subject to the requirements of Public Contract Code section 4104 unless currently registered and qualified under Labor Code section 1725.5 to perform public work as defined by Division 2, Part 7, Chapter 1 (§§1720 et seq.) of the Labor Code. For all projects over Twenty-Five Thousand Dollars ($25,000), a contractor or subcontractor shall not be qualified to enter into, or engage in the performance of, any contract of public work (as defined by Division 2, Part 7, Chapter 1 (§§1720 et seq.) of the Labor Code) unless currently registered and qualified under Labor Code section 1725.5 to perform public work as defined by Division 2, Part 7, Chapter 1 (§§1720 et seq.) of the Labor Code. The Contract Time shall be forty-five (45) calendar days, and liquidated damages shall be $5,000 per calendar day. Bids must be received and filed at

Front Desk Facilities Planning & Management, 955 High Street, Oakland, CA 94601

on April 21, 2025, before 2:00
